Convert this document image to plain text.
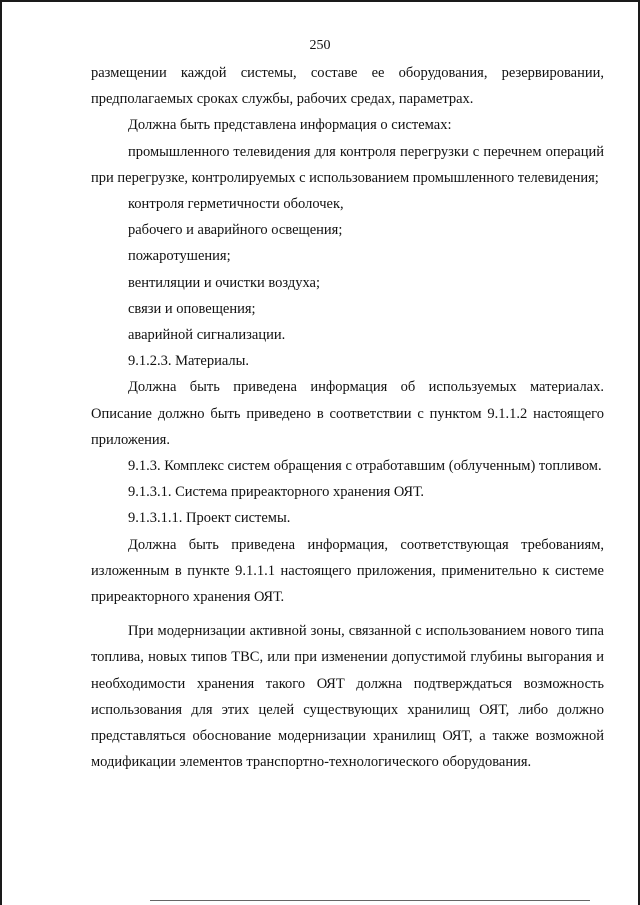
250

размещении каждой системы, составе ее оборудования, резервировании, предполагаемых сроках службы, рабочих средах, параметрах.

Должна быть представлена информация о системах:

промышленного телевидения для контроля перегрузки с перечнем операций при перегрузке, контролируемых с использованием промышленного телевидения;

контроля герметичности оболочек,

рабочего и аварийного освещения;

пожаротушения;

вентиляции и очистки воздуха;

связи и оповещения;

аварийной сигнализации.

9.1.2.3. Материалы.

Должна быть приведена информация об используемых материалах. Описание должно быть приведено в соответствии с пунктом 9.1.1.2 настоящего приложения.

9.1.3. Комплекс систем обращения с отработавшим (облученным) топливом.

9.1.3.1. Система приреакторного хранения ОЯТ.

9.1.3.1.1. Проект системы.

Должна быть приведена информация, соответствующая требованиям, изложенным в пункте 9.1.1.1 настоящего приложения, применительно к системе приреакторного хранения ОЯТ.

При модернизации активной зоны, связанной с использованием нового типа топлива, новых типов ТВС, или при изменении допустимой глубины выгорания и необходимости хранения такого ОЯТ должна подтверждаться возможность использования для этих целей существующих хранилищ ОЯТ, либо должно представляться обоснование модернизации хранилищ ОЯТ, а также возможной модификации элементов транспортно-технологического оборудования.
